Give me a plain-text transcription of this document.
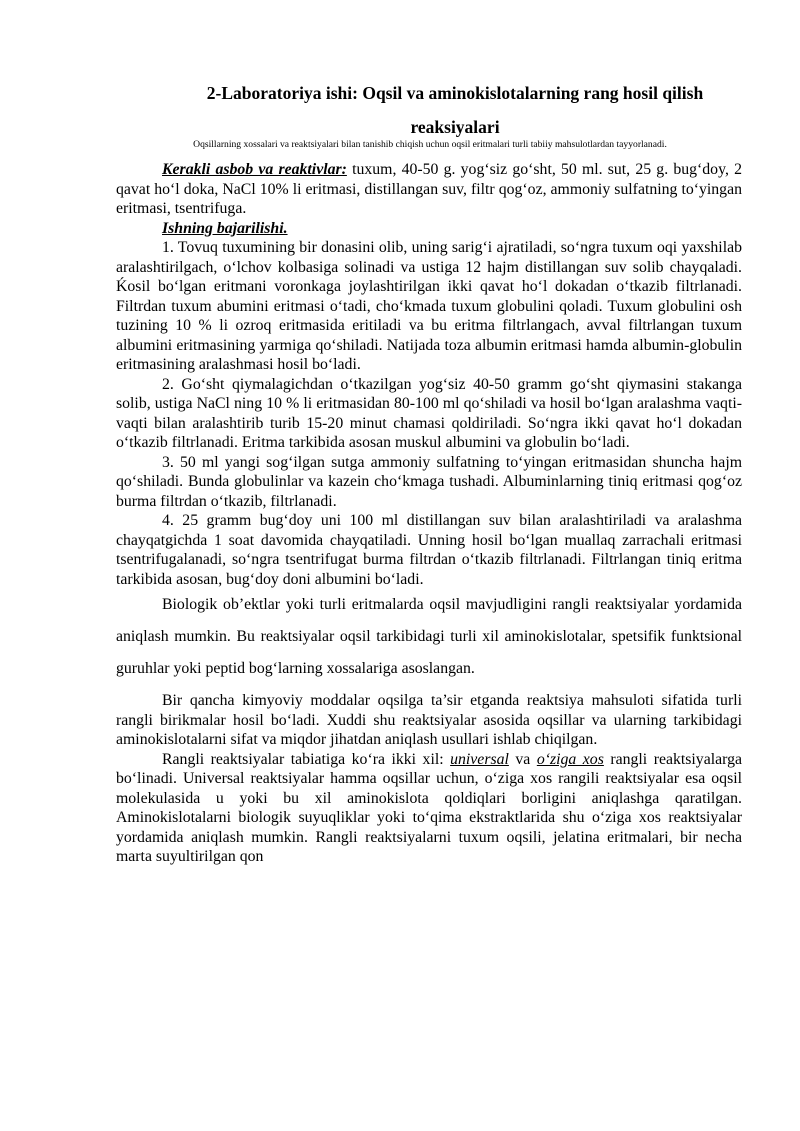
2-Laboratoriya ishi: Oqsil va aminokislotalarning rang hosil qilish
reaksiyalari
Oqsillarning xossalari va reaktsiyalari bilan tanishib chiqish uchun oqsil eritmalari turli tabiiy mahsulotlardan tayyorlanadi.

Kerakli asbob va reaktivlar: tuxum, 40-50 g. yog‘siz go‘sht, 50 ml. sut, 25 g. bug‘doy, 2 qavat ho‘l doka, NaCl 10% li eritmasi, distillangan suv, filtr qog‘oz, ammoniy sulfatning to‘yingan eritmasi, tsentrifuga.

Ishning bajarilishi.

1. Tovuq tuxumining bir donasini olib, uning sarig‘i ajratiladi, so‘ngra tuxum oqi yaxshilab aralashtirilgach, o‘lchov kolbasiga solinadi va ustiga 12 hajm distillangan suv solib chayqaladi. Ḱosil bo‘lgan eritmani voronkaga joylashtirilgan ikki qavat ho‘l dokadan o‘tkazib filtrlanadi. Filtrdan tuxum abumini eritmasi o‘tadi, cho‘kmada tuxum globulini qoladi. Tuxum globulini osh tuzining 10 % li ozroq eritmasida eritiladi va bu eritma filtrlangach, avval filtrlangan tuxum albumini eritmasining yarmiga qo‘shiladi. Natijada toza albumin eritmasi hamda albumin-globulin eritmasining aralashmasi hosil bo‘ladi.

2. Go‘sht qiymalagichdan o‘tkazilgan yog‘siz 40-50 gramm go‘sht qiymasini stakanga solib, ustiga NaCl ning 10 % li eritmasidan 80-100 ml qo‘shiladi va hosil bo‘lgan aralashma vaqti-vaqti bilan aralashtirib turib 15-20 minut chamasi qoldiriladi. So‘ngra ikki qavat ho‘l dokadan o‘tkazib filtrlanadi. Eritma tarkibida asosan muskul albumini va globulin bo‘ladi.

3. 50 ml yangi sog‘ilgan sutga ammoniy sulfatning to‘yingan eritmasidan shuncha hajm qo‘shiladi. Bunda globulinlar va kazein cho‘kmaga tushadi. Albuminlarning tiniq eritmasi qog‘oz burma filtrdan o‘tkazib, filtrlanadi.

4. 25 gramm bug‘doy uni 100 ml distillangan suv bilan aralashtiriladi va aralashma chayqatgichda 1 soat davomida chayqatiladi. Unning hosil bo‘lgan muallaq zarrachali eritmasi tsentrifugalanadi, so‘ngra tsentrifugat burma filtrdan o‘tkazib filtrlanadi. Filtrlangan tiniq eritma tarkibida asosan, bug‘doy doni albumini bo‘ladi.

Biologik ob’ektlar yoki turli eritmalarda oqsil mavjudligini rangli reaktsiyalar yordamida aniqlash mumkin. Bu reaktsiyalar oqsil tarkibidagi turli xil aminokislotalar, spetsifik funktsional guruhlar yoki peptid bog‘larning xossalariga asoslangan.

Bir qancha kimyoviy moddalar oqsilga ta’sir etganda reaktsiya mahsuloti sifatida turli rangli birikmalar hosil bo‘ladi. Xuddi shu reaktsiyalar asosida oqsillar va ularning tarkibidagi aminokislotalarni sifat va miqdor jihatdan aniqlash usullari ishlab chiqilgan.

Rangli reaktsiyalar tabiatiga ko‘ra ikki xil: universal va o‘ziga xos rangli reaktsiyalarga bo‘linadi. Universal reaktsiyalar hamma oqsillar uchun, o‘ziga xos rangili reaktsiyalar esa oqsil molekulasida u yoki bu xil aminokislota qoldiqlari borligini aniqlashga qaratilgan. Aminokislotalarni biologik suyuqliklar yoki to‘qima ekstraktlarida shu o‘ziga xos reaktsiyalar yordamida aniqlash mumkin. Rangli reaktsiyalarni tuxum oqsili, jelatina eritmalari, bir necha marta suyultirilgan qon
